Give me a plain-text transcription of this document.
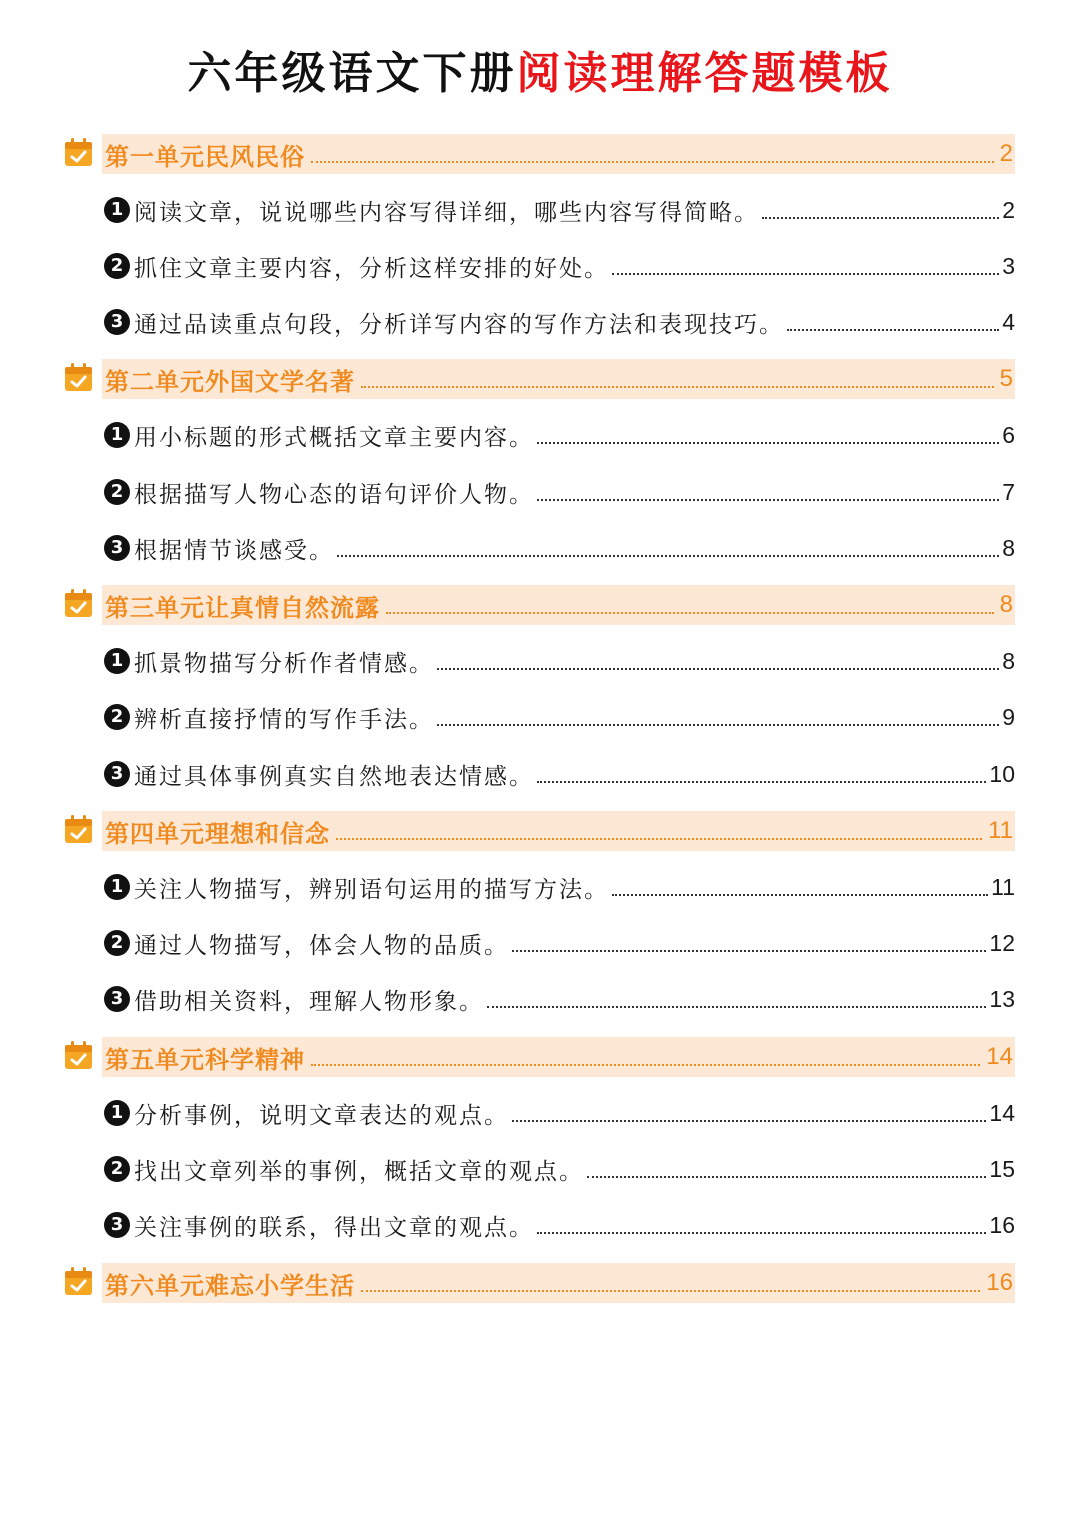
六年级语文下册阅读理解答题模板
第一单元民风民俗	2
1 阅读文章，说说哪些内容写得详细，哪些内容写得简略。	2
2 抓住文章主要内容，分析这样安排的好处。	3
3 通过品读重点句段，分析详写内容的写作方法和表现技巧。	4
第二单元外国文学名著	5
1 用小标题的形式概括文章主要内容。	6
2 根据描写人物心态的语句评价人物。	7
3 根据情节谈感受。	8
第三单元让真情自然流露	8
1 抓景物描写分析作者情感。	8
2 辨析直接抒情的写作手法。	9
3 通过具体事例真实自然地表达情感。	10
第四单元理想和信念	11
1 关注人物描写，辨别语句运用的描写方法。	11
2 通过人物描写，体会人物的品质。	12
3 借助相关资料，理解人物形象。	13
第五单元科学精神	14
1 分析事例，说明文章表达的观点。	14
2 找出文章列举的事例，概括文章的观点。	15
3 关注事例的联系，得出文章的观点。	16
第六单元难忘小学生活	16
